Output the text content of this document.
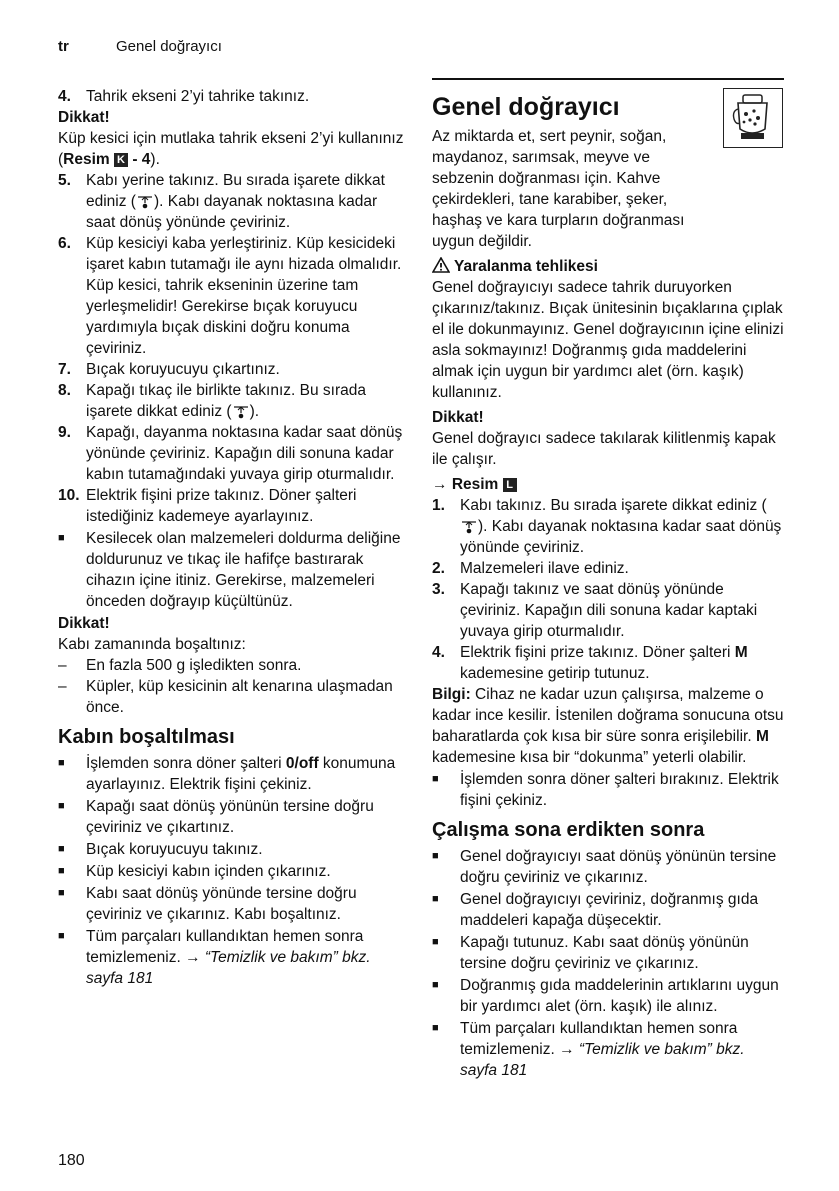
tr	Genel doğrayıcı
4. Tahrik ekseni 2’yi tahrike takınız.
Dikkat!
Küp kesici için mutlaka tahrik ekseni 2’yi kullanınız (Resim K - 4).
5. Kabı yerine takınız. Bu sırada işarete dikkat ediniz ( ). Kabı dayanak noktasına kadar saat dönüş yönünde çeviriniz.
6. Küp kesiciyi kaba yerleştiriniz. Küp kesicideki işaret kabın tutamağı ile aynı hizada olmalıdır. Küp kesici, tahrik ekseninin üzerine tam yerleşmelidir! Gerekirse bıçak koruyucu yardımıyla bıçak diskini doğru konuma çeviriniz.
7. Bıçak koruyucuyu çıkartınız.
8. Kapağı tıkaç ile birlikte takınız. Bu sırada işarete dikkat ediniz ( ).
9. Kapağı, dayanma noktasına kadar saat dönüş yönünde çeviriniz. Kapağın dili sonuna kadar kabın tutamağındaki yuvaya girip oturmalıdır.
10. Elektrik fişini prize takınız. Döner şalteri istediğiniz kademeye ayarlayınız.
■	Kesilecek olan malzemeleri doldurma deliğine doldurunuz ve tıkaç ile hafifçe bastırarak cihazın içine itiniz. Gerekirse, malzemeleri önceden doğrayıp küçültünüz.
Dikkat!
Kabı zamanında boşaltınız:
–	En fazla 500 g işledikten sonra.
–	Küpler, küp kesicinin alt kenarına ulaşmadan önce.
Kabın boşaltılması
■	İşlemden sonra döner şalteri 0/off konumuna ayarlayınız. Elektrik fişini çekiniz.
■	Kapağı saat dönüş yönünün tersine doğru çeviriniz ve çıkartınız.
■	Bıçak koruyucuyu takınız.
■	Küp kesiciyi kabın içinden çıkarınız.
■	Kabı saat dönüş yönünde tersine doğru çeviriniz ve çıkarınız. Kabı boşaltınız.
■	Tüm parçaları kullandıktan hemen sonra temizlemeniz. → “Temizlik ve bakım” bkz. sayfa 181
Genel doğrayıcı
Az miktarda et, sert peynir, soğan, maydanoz, sarımsak, meyve ve sebzenin doğranması için. Kahve çekirdekleri, tane karabiber, şeker, haşhaş ve kara turpların doğranması uygun değildir.
Yaralanma tehlikesi
Genel doğrayıcıyı sadece tahrik duruyorken çıkarınız/takınız. Bıçak ünitesinin bıçaklarına çıplak el ile dokunmayınız. Genel doğrayıcının içine elinizi asla sokmayınız! Doğranmış gıda maddelerini almak için uygun bir yardımcı alet (örn. kaşık) kullanınız.
Dikkat!
Genel doğrayıcı sadece takılarak kilitlenmiş kapak ile çalışır.
→ Resim L
1. Kabı takınız. Bu sırada işarete dikkat ediniz (). Kabı dayanak noktasına kadar saat dönüş yönünde çeviriniz.
2. Malzemeleri ilave ediniz.
3. Kapağı takınız ve saat dönüş yönünde çeviriniz. Kapağın dili sonuna kadar kaptaki yuvaya girip oturmalıdır.
4. Elektrik fişini prize takınız. Döner şalteri M kademesine getirip tutunuz.
Bilgi: Cihaz ne kadar uzun çalışırsa, malzeme o kadar ince kesilir. İstenilen doğrama sonucuna otsu baharatlarda çok kısa bir süre sonra erişilebilir. M kademesine kısa bir “dokunma” yeterli olabilir.
■	İşlemden sonra döner şalteri bırakınız. Elektrik fişini çekiniz.
Çalışma sona erdikten sonra
■	Genel doğrayıcıyı saat dönüş yönünün tersine doğru çeviriniz ve çıkarınız.
■	Genel doğrayıcıyı çeviriniz, doğranmış gıda maddeleri kapağa düşecektir.
■	Kapağı tutunuz. Kabı saat dönüş yönünün tersine doğru çeviriniz ve çıkarınız.
■	Doğranmış gıda maddelerinin artıklarını uygun bir yardımcı alet (örn. kaşık) ile alınız.
■	Tüm parçaları kullandıktan hemen sonra temizlemeniz. → “Temizlik ve bakım” bkz. sayfa 181
180
